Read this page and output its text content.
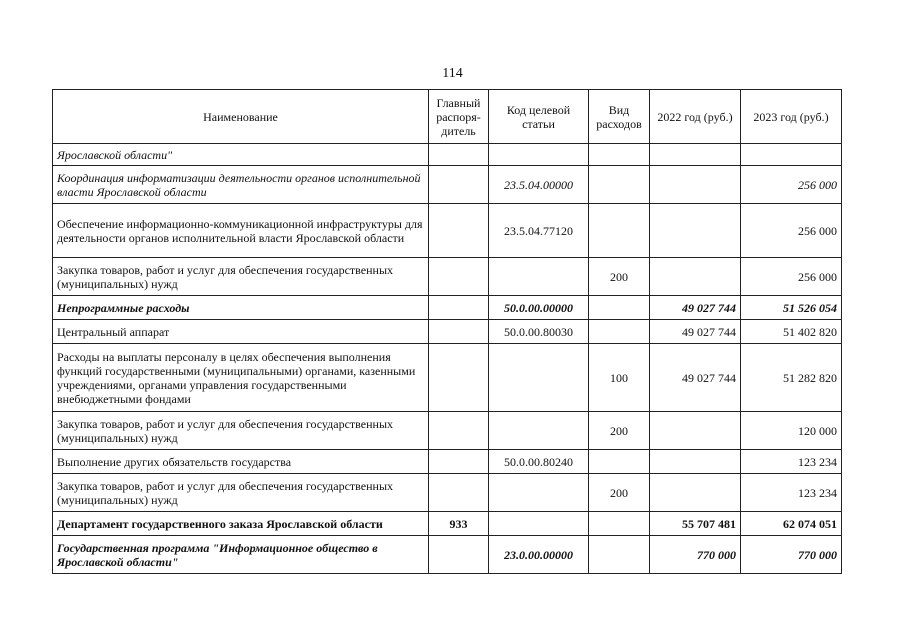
114
Наименование	Главный распоря-дитель	Код целевой статьи	Вид расходов	2022 год (руб.)	2023 год (руб.)
Ярославской области"					
Координация информатизации деятельности органов исполнительной власти Ярославской области		23.5.04.00000			256 000
Обеспечение информационно-коммуникационной инфраструктуры для деятельности органов исполнительной власти Ярославской области		23.5.04.77120			256 000
Закупка товаров, работ и услуг для обеспечения государственных (муниципальных) нужд			200		256 000
Непрограммные расходы		50.0.00.00000		49 027 744	51 526 054
Центральный аппарат		50.0.00.80030		49 027 744	51 402 820
Расходы на выплаты персоналу в целях обеспечения выполнения функций государственными (муниципальными) органами, казенными учреждениями, органами управления государственными внебюджетными фондами			100	49 027 744	51 282 820
Закупка товаров, работ и услуг для обеспечения государственных (муниципальных) нужд			200		120 000
Выполнение других обязательств государства		50.0.00.80240			123 234
Закупка товаров, работ и услуг для обеспечения государственных (муниципальных) нужд			200		123 234
Департамент государственного заказа Ярославской области	933			55 707 481	62 074 051
Государственная программа "Информационное общество в Ярославской области"		23.0.00.00000		770 000	770 000
